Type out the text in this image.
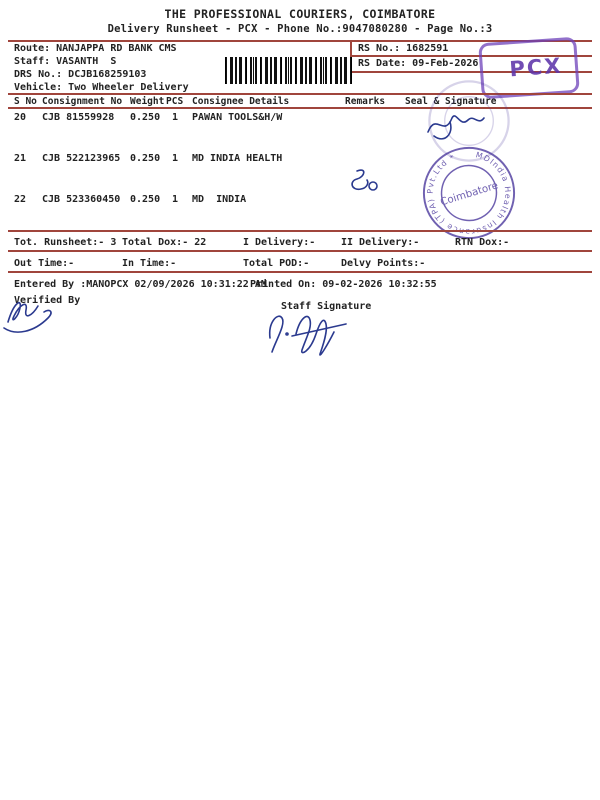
THE PROFESSIONAL COURIERS, COIMBATORE
Delivery Runsheet - PCX - Phone No.:9047080280 - Page No.:3
Route: NANJAPPA RD BANK CMS
Staff: VASANTH  S
DRS No.: DCJB168259103
Vehicle: Two Wheeler Delivery
RS No.: 1682591
RS Date: 09-Feb-2026	PCX
S No Consignment No Weight PCS Consignee Details	Remarks Seal & Signature
20 CJB 81559928 0.250 1 PAWAN TOOLS&H/W
21 CJB 522123965 0.250 1 MD INDIA HEALTH
22 CJB 523360450 0.250 1 MD  INDIA
MDIndia Health Insurance (TPA) Pvt.Ltd *
Coimbatore
Tot. Runsheet:- 3 Total Dox:- 22	I Delivery:-	II Delivery:-	RTN Dox:-
Out Time:-	In Time:-	Total POD:-	Delvy Points:-
Entered By :MANOPCX 02/09/2026 10:31:22 AM
Printed On: 09-02-2026 10:32:55
Verified By
Staff Signature
